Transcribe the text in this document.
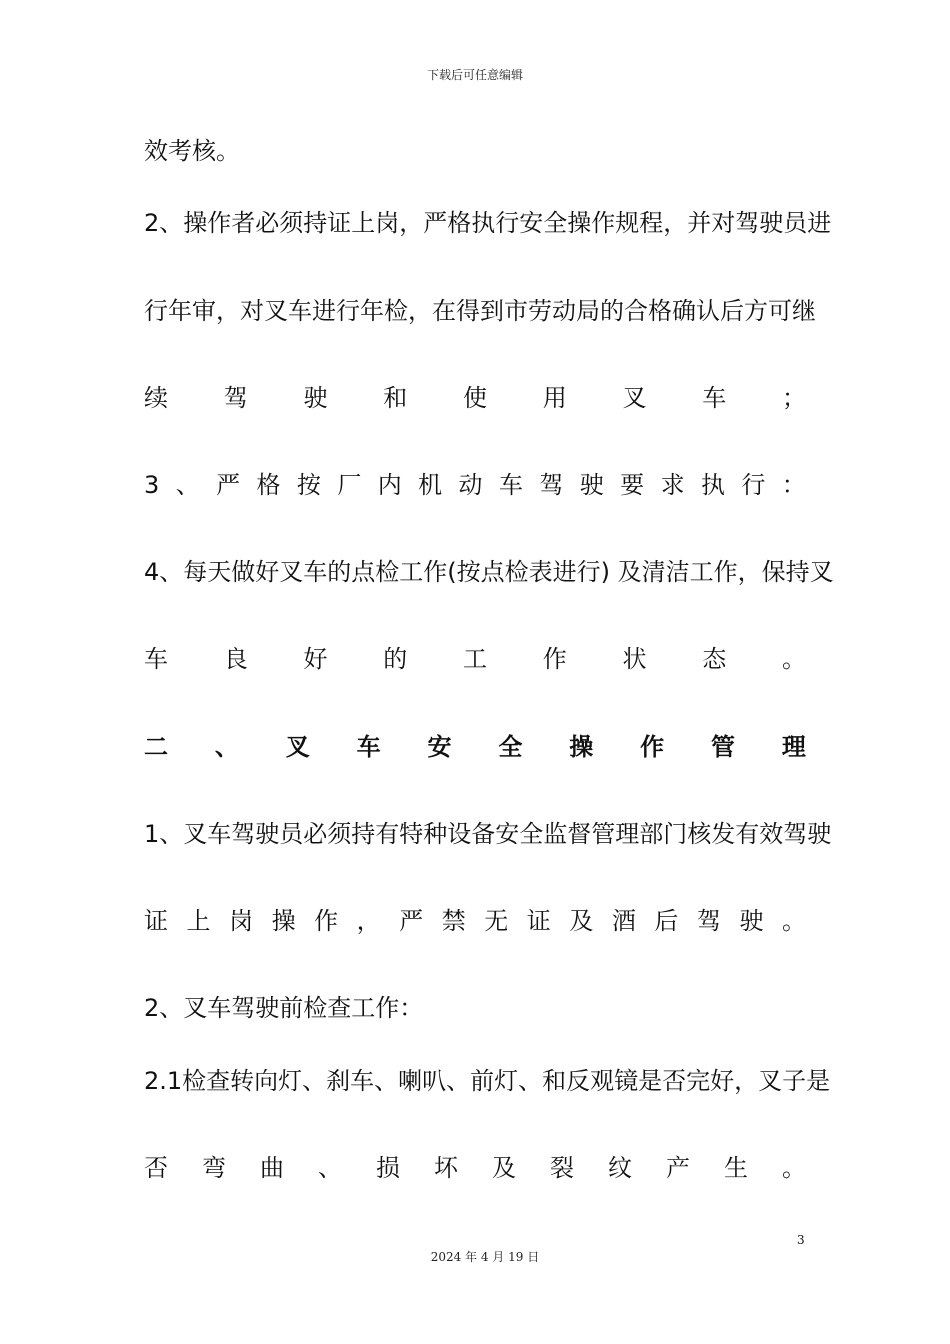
下载后可任意编辑
效考核。
2、操作者必须持证上岗，严格执行安全操作规程，并对驾驶员进
行年审，对叉车进行年检，在得到市劳动局的合格确认后方可继
续 驾 驶 和 使 用 叉 车 ；
3 、 严 格 按 厂 内 机 动 车 驾 驶 要 求 执 行 ：
4、每天做好叉车的点检工作(按点检表进行) 及清洁工作，保持叉
车 良 好 的 工 作 状 态 。
二 、 叉 车 安 全 操 作 管 理
1、叉车驾驶员必须持有特种设备安全监督管理部门核发有效驾驶
证 上 岗 操 作 ， 严 禁 无 证 及 酒 后 驾 驶 。
2、叉车驾驶前检查工作：
2.1检查转向灯、刹车、喇叭、前灯、和反观镜是否完好，叉子是
否 弯 曲 、 损 坏 及 裂 纹 产 生 。
3
2024 年 4 月 19 日
